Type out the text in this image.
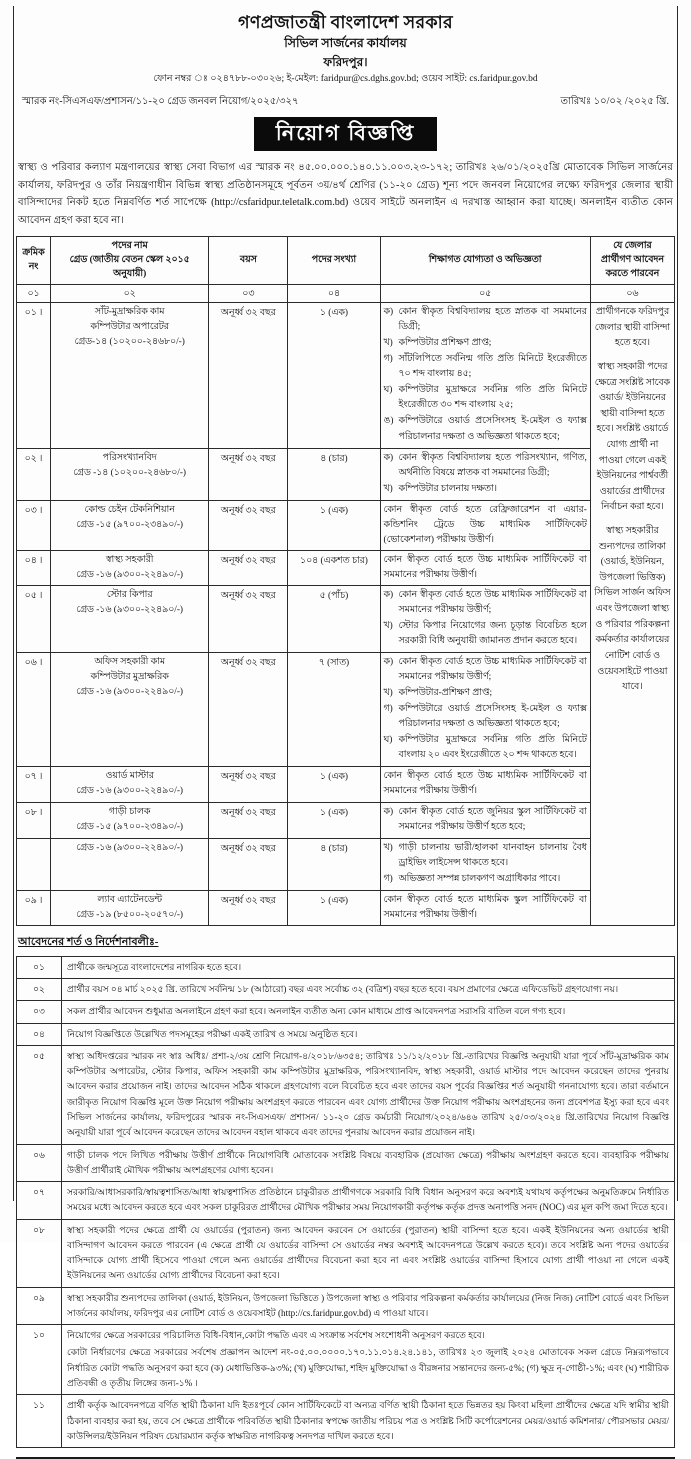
গণপ্রজাতন্ত্রী বাংলাদেশ সরকার
সিভিল সার্জনের কার্যালয়
ফরিদপুর।
ফোন নম্বর ঃ ০২৪৭৮৮-০৩০২৬; ই-মেইল: faridpur@cs.dghs.gov.bd; ওয়েব সাইট: cs.faridpur.gov.bd
স্মারক নং-সিএসএফ/প্রশাসন/১১-২০ গ্রেড জনবল নিয়োগ/২০২৫/৩২৭	তারিখঃ ১০/০২ /২০২৫ খ্রি.
নিয়োগ বিজ্ঞপ্তি
স্বাস্থ্য ও পরিবার কল্যাণ মন্ত্রণালয়ের স্বাস্থ্য সেবা বিভাগ এর স্মারক নং ৪৫.০০.০০০.১৪০.১১.০০৩.২৩-১৭২; তারিখঃ ২৬/০১/২০২৫খ্রি মোতাবেক সিভিল সার্জনের কার্যালয়, ফরিদপুর ও তাঁর নিয়ন্ত্রণাধীন বিভিন্ন স্বাস্থ্য প্রতিষ্ঠানসমূহে পূর্বতন ৩য়/৪র্থ শ্রেণির (১১-২০ গ্রেড) শূন্য পদে জনবল নিয়োগের লক্ষ্যে ফরিদপুর জেলার স্থায়ী বাসিন্দাদের নিকট হতে নিম্নবর্ণিত শর্ত সাপেক্ষে (http://csfaridpur.teletalk.com.bd) ওয়েব সাইটে অনলাইন এ দরখাস্ত আহ্বান করা যাচ্ছে। অনলাইন ব্যতীত কোন আবেদন গ্রহণ করা হবে না।
ক্রমিক নং	পদের নাম
গ্রেড (জাতীয় বেতন স্কেল ২০১৫
অনুযায়ী)	বয়স	পদের সংখ্যা	শিক্ষাগত যোগ্যতা ও অভিজ্ঞতা	যে জেলার
প্রার্থীগণ আবেদন
করতে পারবেন
০১	০২	০৩	০৪	০৫	০৬
০১ ।	সাঁট-মুদ্রাক্ষরিক কাম
কম্পিউটার অপারেটর
গ্রেড-১৪ (১০২০০-২৪৬৮০/-)	অনূর্ধ্ব ৩২ বছর	১ (এক)	ক) কোন স্বীকৃত বিশ্ববিদ্যালয় হতে স্নাতক বা সমমানের ডিগ্রী;
খ) কম্পিউটার প্রশিক্ষণ প্রাপ্ত;
গ) সাঁটলিপিতে সর্বনিন্ম গতি প্রতি মিনিটে ইংরেজীতে ৭০ শব্দ বাংলায় ৪৫;
ঘ) কম্পিউটার মুদ্রাক্ষরে সর্বনিম্ন গতি প্রতি মিনিটে ইংরেজীতে ৩০ শব্দ বাংলায় ২৫;
ঙ) কম্পিউটারে ওয়ার্ড প্রসেসিংসহ ই-মেইল ও ফ্যাক্স পরিচালনার দক্ষতা ও অভিজ্ঞতা থাকতে হবে;

প্রার্থীগনকে ফরিদপুর জেলার স্থায়ী বাসিন্দা হতে হবে।
স্বাস্থ্য সহকারী পদের ক্ষেত্রে সংশ্লিষ্ট সাবেক ওয়ার্ড/ ইউনিয়নের স্থায়ী বাসিন্দা হতে হবে। সংশ্লিষ্ট ওয়ার্ডে যোগ্য প্রার্থী না পাওয়া গেলে একই ইউনিয়নের পার্শ্ববর্তী ওয়ার্ডের প্রার্থীদের নির্বাচন করা হবে।
স্বাস্থ্য সহকারীর শুন্যপদের তালিকা (ওয়ার্ড, ইউনিয়ন, উপজেলা ভিত্তিক) সিভিল সার্জন অফিস এবং উপজেলা স্বাস্থ্য ও পরিবার পরিকল্পনা কর্মকর্তার কার্যালয়ের নোটিশ বোর্ড ও ওয়েবসাইটে পাওয়া যাবে।

০২ ।	পরিসংখ্যানবিদ
গ্রেড -১৪ (১০২০০-২৪৬৮০/-)	অনূর্ধ্ব ৩২ বছর	৪ (চার)	ক) কোন স্বীকৃত বিশ্ববিদ্যালয় হতে পরিসংখ্যান, গণিত, অর্থনীতি বিষয়ে স্নাতক বা সমমানের ডিগ্রী;
খ) কম্পিউটার চালনায় দক্ষতা।

০৩ ।	কোল্ড চেইন টেকনিশিয়ান
গ্রেড -১৫ (৯৭০০-২৩৪৯০/-)	অনূর্ধ্ব ৩২ বছর	১ (এক)	কোন স্বীকৃত বোর্ড হতে রেফ্রিজারেশন বা এয়ার-কন্ডিশনিং ট্রেডে উচ্চ মাধ্যমিক সার্টিফিকেট (ভোকেশনাল) পরীক্ষায় উত্তীর্ণ।	

০৪ ।	স্বাস্থ্য সহকারী
গ্রেড -১৬ (৯৩০০-২২৪৯০/-)	অনূর্ধ্ব ৩২ বছর	১০৪ (একশত চার)	কোন স্বীকৃত বোর্ড হতে উচ্চ মাধ্যমিক সার্টিফিকেট বা সমমানের পরীক্ষায় উত্তীর্ণ।	

০৫ ।	স্টোর কিপার
গ্রেড -১৬ (৯৩০০-২২৪৯০/-)	অনূর্ধ্ব ৩২ বছর	৫ (পাঁচ)	ক) কোন স্বীকৃত বোর্ড হতে উচ্চ মাধ্যমিক সার্টিফিকেট বা সমমানের পরীক্ষায় উত্তীর্ণ;
খ) স্টোর কিপার নিয়োগের জন্য চূড়ান্ত বিবেচিত হলে সরকারী বিধি অনুযায়ী জামানত প্রদান করতে হবে।

০৬ ।	অফিস সহকারী কাম
কম্পিউটার মুদ্রাক্ষরিক
গ্রেড -১৬ (৯৩০০-২২৪৯০/-)	অনূর্ধ্ব ৩২ বছর	৭ (সাত)	ক) কোন স্বীকৃত বোর্ড হতে উচ্চ মাধ্যমিক সার্টিফিকেট বা সমমানের পরীক্ষায় উত্তীর্ণ;
খ) কম্পিউটার-প্রশিক্ষণ প্রাপ্ত;
গ) কম্পিউটারে ওয়ার্ড প্রসেসিংসহ ই-মেইল ও ফ্যাক্স পরিচালনার দক্ষতা ও অভিজ্ঞতা থাকতে হবে;
ঘ) কম্পিউটার মুদ্রাক্ষরে সর্বনিম্ন গতি প্রতি মিনিটে বাংলায় ২০ এবং ইংরেজীতে ২০ শব্দ থাকতে হবে।

০৭ ।	ওয়ার্ড মাস্টার
গ্রেড -১৬ (৯৩০০-২২৪৯০/-)	অনূর্ধ্ব ৩২ বছর	১ (এক)	কোন স্বীকৃত বোর্ড হতে উচ্চ মাধ্যমিক সার্টিফিকেট বা সমমানের পরীক্ষায় উত্তীর্ণ।	

০৮ ।	গাড়ী চালক
গ্রেড -১৫ (৯৭০০-২৩৪৯০/-)	অনূর্ধ্ব ৩২ বছর	১ (এক)	ক) কোন স্বীকৃত বোর্ড হতে জুনিয়র স্কুল সার্টিফিকেট বা সমমানের পরীক্ষায় উত্তীর্ণ হতে হবে;

	গ্রেড -১৬ (৯৩০০-২২৪৯০/-)	অনূর্ধ্ব ৩২ বছর	৪ (চার)	খ) গাড়ী চালনায় ভারী/হালকা যানবাহন চালনায় বৈধ ড্রাইভিং লাইসেন্স থাকতে হবে।
গ) অভিজ্ঞতা সম্পন্ন চালকগণ অগ্রাধিকার পাবে।

০৯ ।	ল্যাব এ্যাটেনডেন্ট
গ্রেড -১৯ (৮৫০০-২০৫৭০/-)	অনূর্ধ্ব ৩২ বছর	১ (এক)	কোন স্বীকৃত বোর্ড হতে মাধ্যমিক স্কুল সার্টিফিকেট বা সমমানের পরীক্ষায় উত্তীর্ণ।	
আবেদনের শর্ত ও নির্দেশনাবলীঃ-
০১	প্রার্থীকে জন্মসূত্রে বাংলাদেশের নাগরিক হতে হবে।
০২	প্রার্থীর বয়স ০৪ মার্চ ২০২৫ খ্রি. তারিখে সর্বনিন্ম ১৮ (আঠারো) বছর এবং সর্বোচ্চ ৩২ (বত্রিশ) বছর হতে হবে। বয়স প্রমাণের ক্ষেত্রে এফিডেভিট গ্রহণযোগ্য নয়।
০৩	সকল প্রার্থীর আবেদন শুধুমাত্র অনলাইনে গ্রহণ করা হবে। অনলাইন ব্যতীত অন্য কোন মাধ্যমে প্রাপ্ত আবেদনপত্র সরাসরি বাতিল বলে গণ্য হবে।
০৪	নিয়োগ বিজ্ঞপ্তিতে উল্লেখিত পদসমূহের পরীক্ষা একই তারিখ ও সময়ে অনুষ্ঠিত হবে।
০৫	স্বাস্থ্য অধিদপ্তরের স্মারক নং স্বাঃ অধিঃ/ প্রশা-২/৩য় শ্রেণি নিয়োগ-৪/২০১৮/৬৩৫৪; তারিখঃ ১১/১২/২০১৮ খ্রি.-তারিখের বিজ্ঞপ্তি অনুযায়ী যারা পূর্বে সাঁট-মুদ্রাক্ষরিক কাম কম্পিউটার অপারেটর, স্টোর কিপার, অফিস সহকারী কাম কম্পিউটার মুদ্রাক্ষরিক, পরিসংখ্যানবিদ, স্বাস্থ্য সহকারী, ওয়ার্ড মাস্টার পদে আবেদন করেছেন তাদের পুনরায় আবেদন করার প্রয়োজন নাই। তাদের আবেদন সঠিক থাকলে গ্রহণযোগ্য বলে বিবেচিত হবে এবং তাদের বয়স পূর্বের বিজ্ঞপ্তির শর্ত অনুযায়ী গননাযোগ্য হবে। তারা বর্তমানে জারীকৃত নিয়োগ বিজ্ঞপ্তি মূলে উক্ত নিয়োগ পরীক্ষায় অংশগ্রহণ করতে পারবেন এবং যোগ্য প্রার্থীদের উক্ত নিয়োগ পরীক্ষায় অংশগ্রহনের জন্য প্রবেশপত্র ইস্যু করা হবে এবং সিভিল সার্জনের কার্যালয়, ফরিদপুরের স্মারক নং-সিএসএফ/ প্রশাসন/ ১১-২০ গ্রেড কর্মচারী নিয়োগ/২০২৪/৬৪৬ তারিখ ২৫/০৩/২০২৪ খ্রি.তারিখের নিয়োগ বিজ্ঞপ্তি অনুযায়ী যারা পূর্বে আবেদন করেছেন তাদের আবেদন বহাল থাকবে এবং তাদের পুনরায় আবেদন করার প্রয়োজন নাই।
০৬	গাড়ী চালক পদে লিখিত পরীক্ষায় উত্তীর্ণ প্রার্থীকে নিয়োগবিধি মোতাবেক সংশ্লিষ্ট বিষয়ে ব্যবহারিক (প্রযোজ্য ক্ষেত্রে) পরীক্ষায় অংশগ্রহণ করতে হবে। ব্যবহারিক পরীক্ষায় উত্তীর্ণ প্রার্থীরাই মৌখিক পরীক্ষায় অংশগ্রহণের যোগ্য হবেন।
০৭	সরকারি/আধাসরকারি/স্বায়ত্বশাসিত/আধা স্বায়ত্বশাসিত প্রতিষ্ঠানে চাকুরীরত প্রার্থীগণকে সরকারি বিধি বিধান অনুসরণ করে অবশ্যই যথাযথ কর্তৃপক্ষের অনুমতিক্রমে নির্ধারিত সময়ের মধ্যে আবেদন করতে হবে এবং সকল চাকুরিরত প্রার্থীদের মৌখিক পরীক্ষার সময় নিয়োগকারী কর্তৃপক্ষ কর্তৃক প্রদত্ত অনাপত্তি সনদ (NOC) এর মূল কপি জমা দিতে হবে।
০৮	স্বাস্থ্য সহকারী পদের ক্ষেত্রে প্রার্থী যে ওয়ার্ডের (পুরাতন) জন্য আবেদন করবেন সে ওয়ার্ডের (পুরাতন) স্থায়ী বাসিন্দা হতে হবে। একই ইউনিয়নের অন্য ওয়ার্ডের স্থায়ী বাসিন্দাগণ আবেদন করতে পারবেন (এ ক্ষেত্রে প্রার্থী যে ওয়ার্ডের বাসিন্দা সে ওয়ার্ডের নম্বর অবশ্যই আবেদনপত্রে উল্লেখ করতে হবে)। তবে সংশ্লিষ্ট অন্য পদের ওয়ার্ডের বাসিন্দাকে যোগ্য প্রার্থী হিসেবে পাওয়া গেলে অন্য ওয়ার্ডের প্রার্থীদের বিবেচনা করা হবে না এবং সংশ্লিষ্ট ওয়ার্ডের বাসিন্দা হিসাবে যোগ্য প্রার্থী পাওয়া না গেলে একই ইউনিয়নের অন্য ওয়ার্ডের যোগ্য প্রার্থীদের বিবেচনা করা হবে।
০৯	স্বাস্থ্য সহকারীর শুন্যপদের তালিকা (ওয়ার্ড, ইউনিয়ন, উপজেলা ভিত্তিতে ) উপজেলা স্বাস্থ্য ও পরিবার পরিকল্পনা কর্মকর্তার কার্যালয়ের (নিজ নিজ) নোটিশ বোর্ডে এবং সিভিল সার্জনের কার্যালয়, ফরিদপুর এর নোটিশ বোর্ড ও ওয়েবসাইট (http://cs.faridpur.gov.bd) এ পাওয়া যাবে।
১০	নিয়োগের ক্ষেত্রে সরকারের পরিচালিত বিধি-বিধান,কোটা পদ্ধতি এবং এ সংক্রান্ত সর্বশেষ সংশোধনী অনুসরণ করতে হবে।
কোটা নির্ধারণের ক্ষেত্রে সরকারের সর্বশেষ প্রজ্ঞাপন আদেশ নং-০৫.০০.০০০০.১৭০.১১.০১৪.২৪.১৪১, তারিখঃ ২৩ জুলাই ২০২৪ মোতাবেক সকল গ্রেডে নিম্নরূপভাবে নির্ধারিত কোটা পদ্ধতি অনুসরণ করা হবে (ক) মেধাভিত্তিক-৯৩%; (খ) মুক্তিযোদ্ধা, শহিদ মুক্তিযোদ্ধা ও বীরঙ্গনার সন্তানদের জন্য-৫%; (গ) ক্ষুদ্র নৃ-গোষ্ঠী-১%; এবং (ঘ) শারীরিক প্রতিবন্ধী ও তৃতীয় লিঙ্গের জন্য-১% ।

১১	প্রার্থী কর্তৃক আবেদনপত্রে বর্ণিত স্থায়ী ঠিকানা যদি ইতঃপূর্বে কোন সার্টিফিকেটে বা অন্যত্র বর্ণিত স্থায়ী ঠিকানা হতে ভিন্নতর হয় কিংবা মহিলা প্রার্থীদের ক্ষেত্রে যদি স্বামীর স্থায়ী ঠিকানা ব্যবহার করা হয়, তবে সে ক্ষেত্রে প্রার্থীকে পরিবর্তিত স্থায়ী ঠিকানার স্বপক্ষে জাতীয় পরিচয় পত্র ও সংশ্লিষ্ট সিটি কর্পোরেশনের মেয়র/ওয়ার্ড কমিশনার/ পৌরসভার মেয়র/ কাউন্সিলর/ইউনিয়ন পরিষদ চেয়ারম্যান কর্তৃক স্বাক্ষরিত নাগরিকত্ব সনদপত্র দাখিল করতে হবে।
